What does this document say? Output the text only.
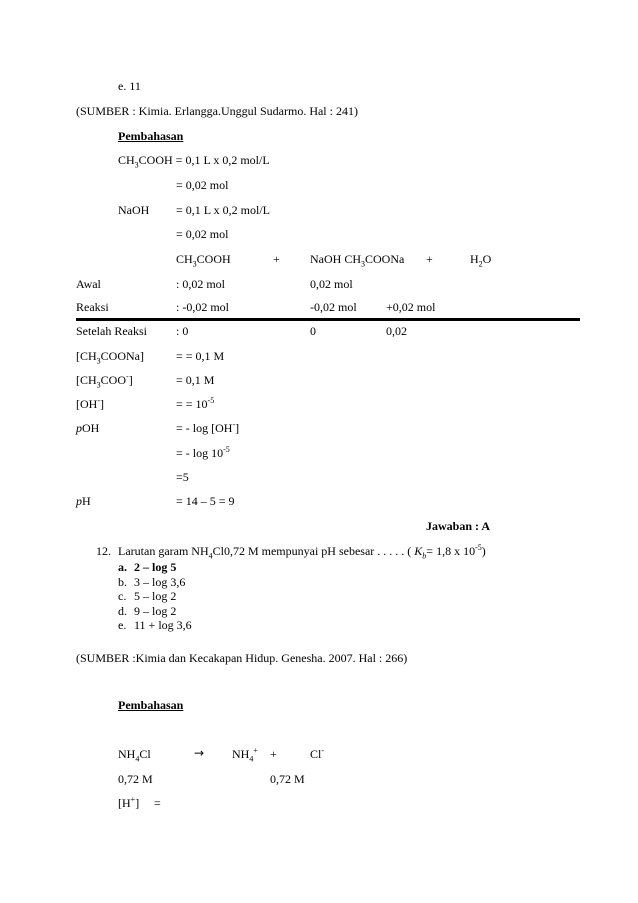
e. 11
(SUMBER : Kimia. Erlangga.Unggul Sudarmo. Hal : 241)
Pembahasan
$CH_3COOH = 0,1$ L x 0,2 mol/L
= 0,02 mol
NaOH = 0,1 L x 0,2 mol/L
= 0,02 mol
$CH_3COOH$	+	NaOH $CH_3COONa$ +	$H_2O$
Awal	: 0,02 mol	0,02 mol
Reaksi	: -0,02 mol	-0,02 mol +0,02 mol
Setelah Reaksi : 0	0	0,02
$[CH_3COONa]$	= = 0,1 M
$[CH_3COO^-]$	= 0,1 M
[OH-]	= = $10^{-5}$
pOH	= - log [OH-]
= - $\log 10^{-5}$
=5
pH	= 14 – 5 = 9
Jawaban : A
12. Larutan garam $NH_4Cl0,72$ M mempunyai pH sebesar . . . . . ( $K_b= 1,8$ x $10^{-5}$)
a. 2 – log 5
b. 3 – log 3,6
c. 5 – log 2
d. 9 – log 2
e. 11 + log 3,6
(SUMBER :Kimia dan Kecakapan Hidup. Genesha. 2007. Hal : 266)
Pembahasan
$NH_4Cl$	→ $NH_4^+$ +	Cl-
0,72 M	0,72 M
[H+] =
